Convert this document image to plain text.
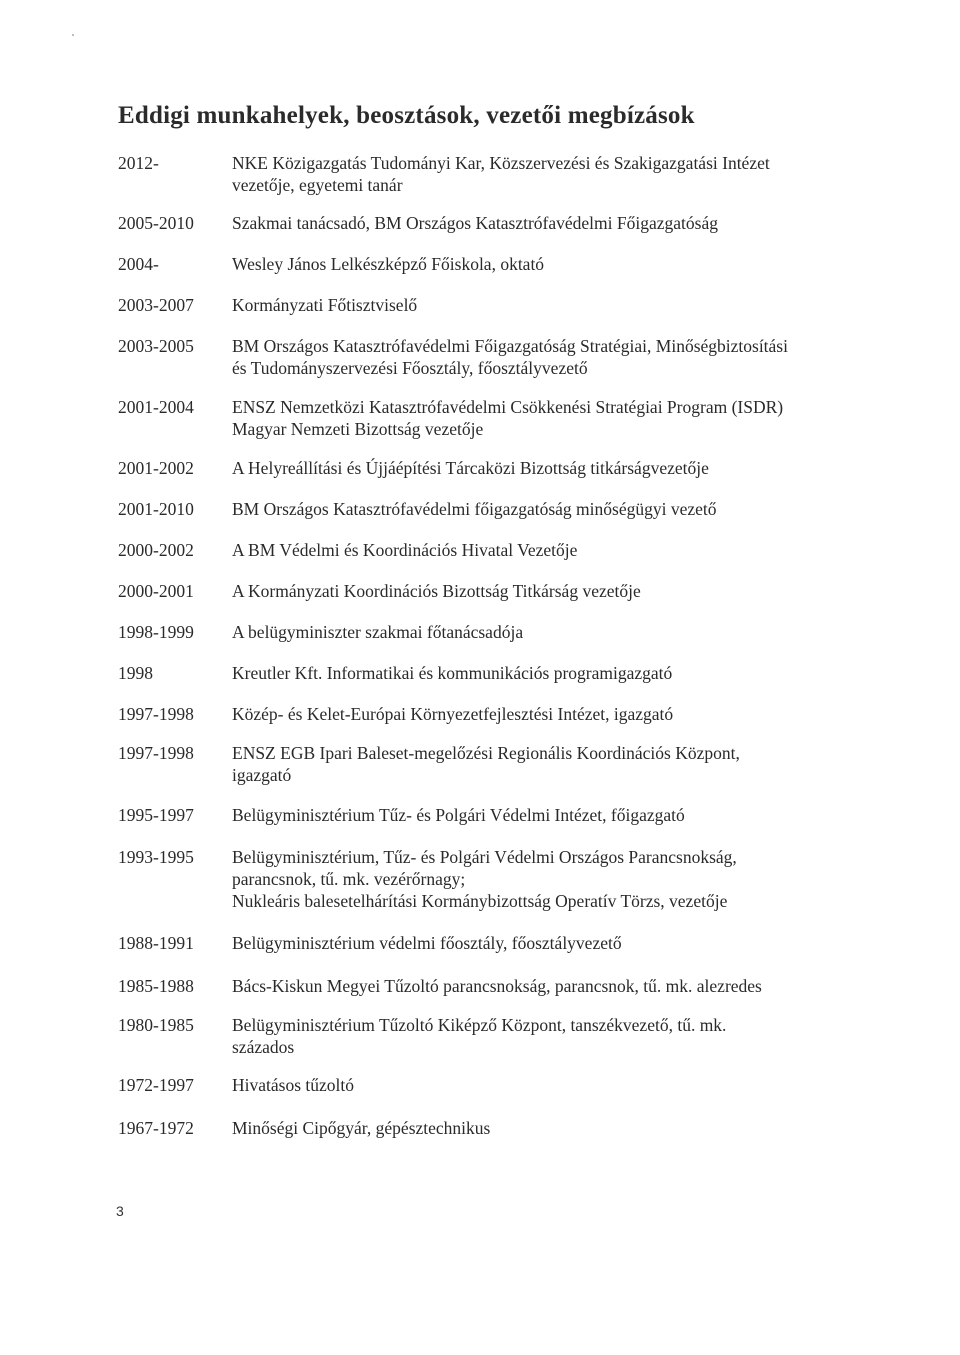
Eddigi munkahelyek, beosztások, vezetői megbízások
2012-	NKE Közigazgatás Tudományi Kar, Közszervezési és Szakigazgatási Intézet
vezetője, egyetemi tanár
2005-2010	Szakmai tanácsadó, BM Országos Katasztrófavédelmi Főigazgatóság
2004-	Wesley János Lelkészképző Főiskola, oktató
2003-2007	Kormányzati Főtisztviselő
2003-2005	BM Országos Katasztrófavédelmi Főigazgatóság Stratégiai, Minőségbiztosítási
és Tudományszervezési Főosztály, főosztályvezető
2001-2004	ENSZ Nemzetközi Katasztrófavédelmi Csökkenési Stratégiai Program (ISDR)
Magyar Nemzeti Bizottság vezetője
2001-2002	A Helyreállítási és Újjáépítési Tárcaközi Bizottság titkárságvezetője
2001-2010	BM Országos Katasztrófavédelmi főigazgatóság minőségügyi vezető
2000-2002	A BM Védelmi és Koordinációs Hivatal Vezetője
2000-2001	A Kormányzati Koordinációs Bizottság Titkárság vezetője
1998-1999	A belügyminiszter szakmai főtanácsadója
1998	Kreutler Kft. Informatikai és kommunikációs programigazgató
1997-1998	Közép- és Kelet-Európai Környezetfejlesztési Intézet, igazgató
1997-1998	ENSZ EGB Ipari Baleset-megelőzési Regionális Koordinációs Központ,
igazgató
1995-1997	Belügyminisztérium Tűz- és Polgári Védelmi Intézet, főigazgató
1993-1995	Belügyminisztérium, Tűz- és Polgári Védelmi Országos Parancsnokság,
parancsnok, tű. mk. vezérőrnagy;
Nukleáris balesetelhárítási Kormánybizottság Operatív Törzs, vezetője
1988-1991	Belügyminisztérium védelmi főosztály, főosztályvezető
1985-1988	Bács-Kiskun Megyei Tűzoltó parancsnokság, parancsnok, tű. mk. alezredes
1980-1985	Belügyminisztérium Tűzoltó Kiképző Központ, tanszékvezető, tű. mk.
százados
1972-1997	Hivatásos tűzoltó
1967-1972	Minőségi Cipőgyár, gépésztechnikus
3
